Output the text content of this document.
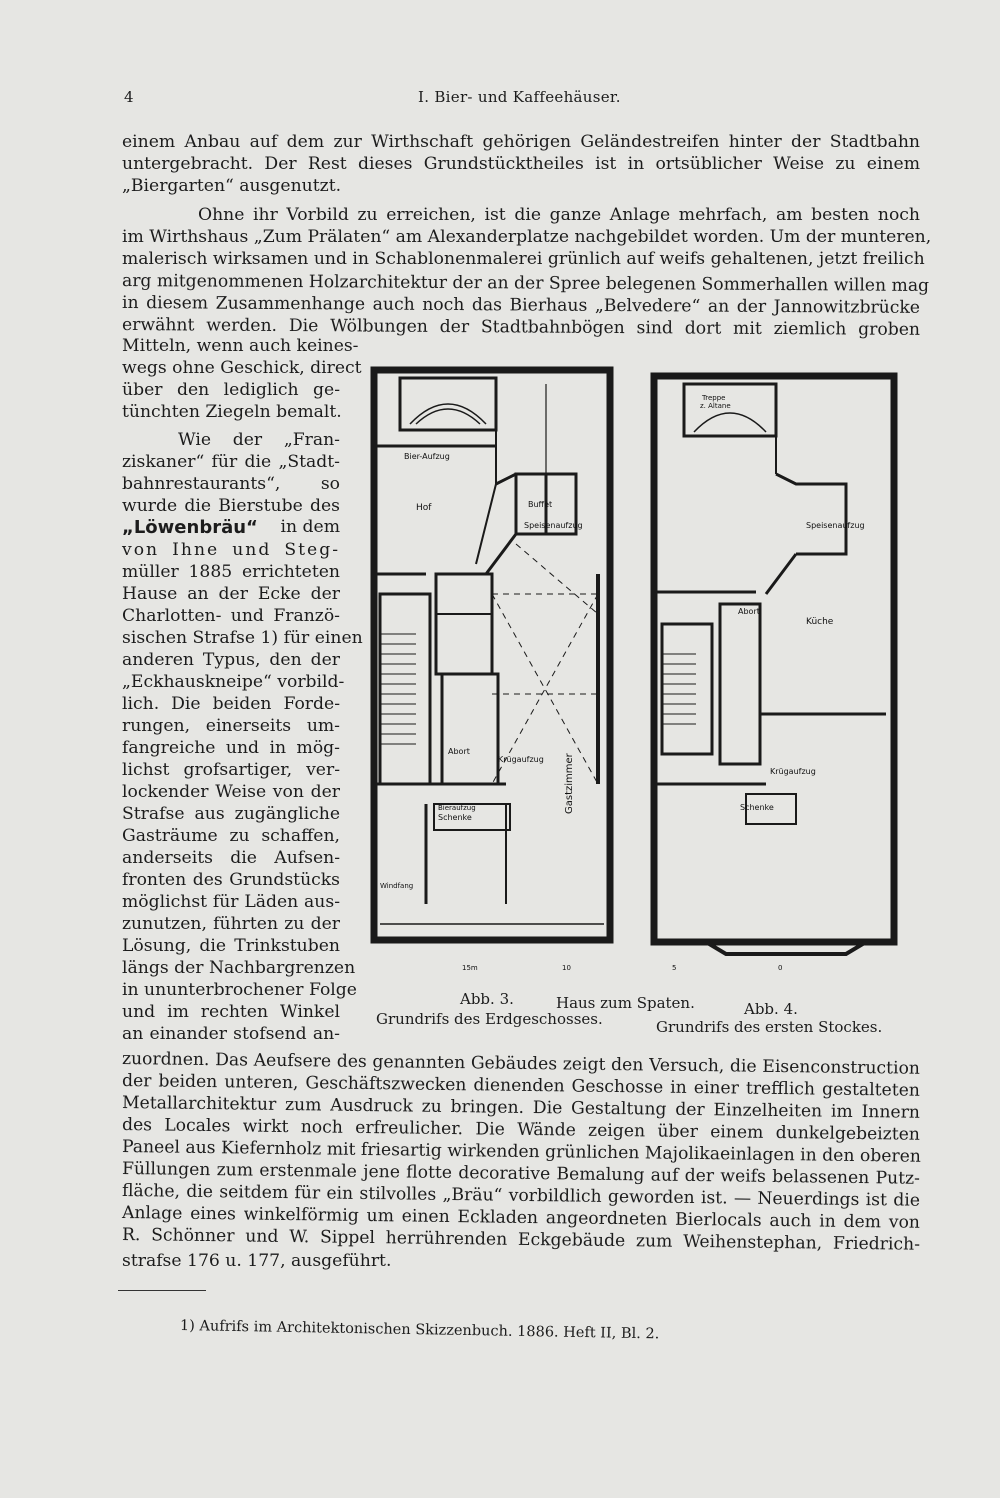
4	I. Bier- und Kaffeehäuser.
einem Anbau auf dem zur Wirthschaft gehörigen Geländestreifen hinter der Stadtbahn
untergebracht. Der Rest dieses Grundstücktheiles ist in ortsüblicher Weise zu einem
„Biergarten“ ausgenutzt.
Ohne ihr Vorbild zu erreichen, ist die ganze Anlage mehrfach, am besten noch
im Wirthshaus „Zum Prälaten“ am Alexanderplatze nachgebildet worden. Um der munteren,
malerisch wirksamen und in Schablonenmalerei grünlich auf weifs gehaltenen, jetzt freilich
arg mitgenommenen Holzarchitektur der an der Spree belegenen Sommerhallen willen mag
in diesem Zusammenhange auch noch das Bierhaus „Belvedere“ an der Jannowitzbrücke
erwähnt werden. Die Wölbungen der Stadtbahnbögen sind dort mit ziemlich groben
Mitteln, wenn auch keines-
wegs ohne Geschick, direct
über den lediglich ge-
tünchten Ziegeln bemalt.
Wie der „Fran-
ziskaner“ für die „Stadt-
bahnrestaurants“, so
wurde die Bierstube des
„Löwenbräu“ in dem
von Ihne und Steg-
müller 1885 errichteten
Hause an der Ecke der
Charlotten- und Franzö-
sischen Strafse 1) für einen
anderen Typus, den der
„Eckhauskneipe“ vorbild-
lich. Die beiden Forde-
rungen, einerseits um-
fangreiche und in mög-
lichst grofsartiger, ver-
lockender Weise von der
Strafse aus zugängliche
Gasträume zu schaffen,
anderseits die Aufsen-
fronten des Grundstücks
möglichst für Läden aus-
zunutzen, führten zu der
Lösung, die Trinkstuben
längs der Nachbargrenzen
in ununterbrochener Folge
und im rechten Winkel
an einander stofsend an-
Bier-Aufzug
Hof	Buffet
Speisenaufzug
Gastzimmer
Abort
Krügaufzug
Bieraufzug
Schenke
Windfang
Treppe
z. Altane
Speisenaufzug
Abort
Küche
Krügaufzug
Schenke
15m	10	5	0
Abb. 3.	Haus zum Spaten.	Abb. 4.
Grundrifs des Erdgeschosses.	Grundrifs des ersten Stockes.
zuordnen. Das Aeufsere des genannten Gebäudes zeigt den Versuch, die Eisenconstruction
der beiden unteren, Geschäftszwecken dienenden Geschosse in einer trefflich gestalteten
Metallarchitektur zum Ausdruck zu bringen. Die Gestaltung der Einzelheiten im Innern
des Locales wirkt noch erfreulicher. Die Wände zeigen über einem dunkelgebeizten
Paneel aus Kiefernholz mit friesartig wirkenden grünlichen Majolikaeinlagen in den oberen
Füllungen zum erstenmale jene flotte decorative Bemalung auf der weifs belassenen Putz-
fläche, die seitdem für ein stilvolles „Bräu“ vorbildlich geworden ist. — Neuerdings ist die
Anlage eines winkelförmig um einen Eckladen angeordneten Bierlocals auch in dem von
R. Schönner und W. Sippel herrührenden Eckgebäude zum Weihenstephan, Friedrich-
strafse 176 u. 177, ausgeführt.
1) Aufrifs im Architektonischen Skizzenbuch. 1886. Heft II, Bl. 2.
